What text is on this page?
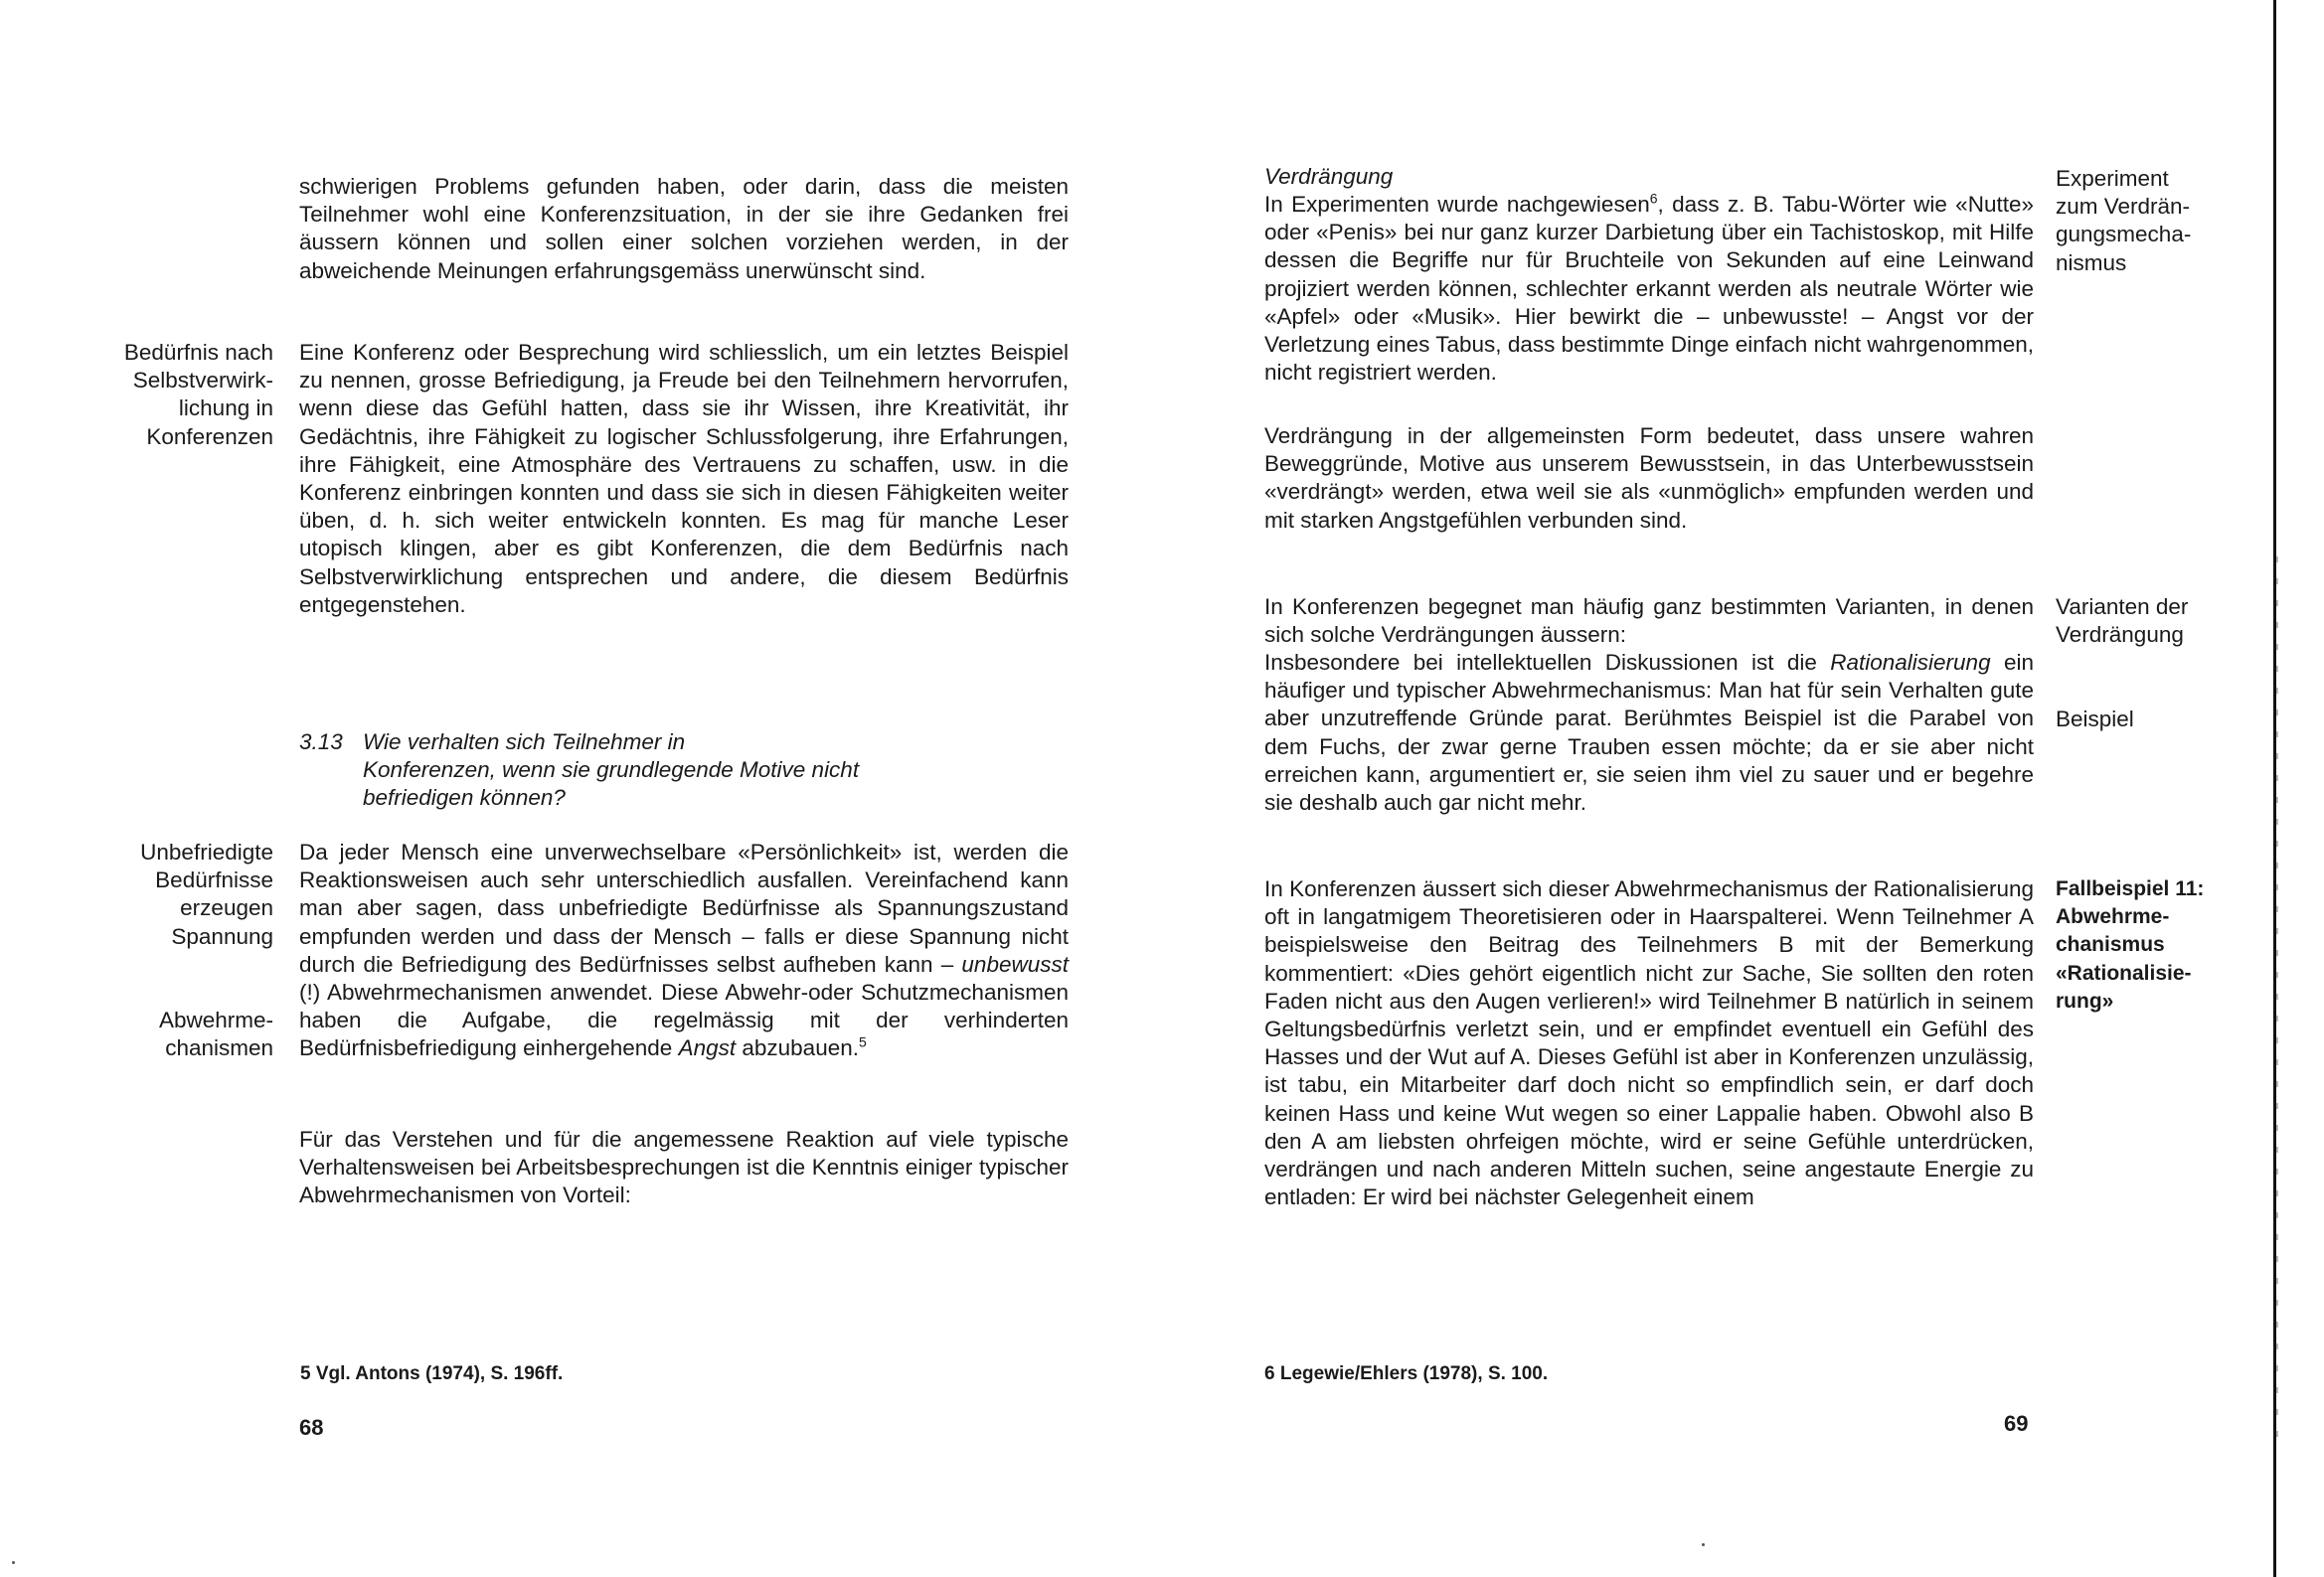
schwierigen Problems gefunden haben, oder darin, dass die meisten Teilnehmer wohl eine Konferenzsituation, in der sie ihre Gedanken frei äussern können und sollen einer solchen vorziehen werden, in der abweichende Meinungen erfahrungsgemäss unerwünscht sind.

Bedürfnis nach
Selbstverwirk-
lichung in
Konferenzen

Eine Konferenz oder Besprechung wird schliesslich, um ein letztes Beispiel zu nennen, grosse Befriedigung, ja Freude bei den Teilnehmern hervorrufen, wenn diese das Gefühl hatten, dass sie ihr Wissen, ihre Kreativität, ihr Gedächtnis, ihre Fähigkeit zu logischer Schlussfolgerung, ihre Erfahrungen, ihre Fähigkeit, eine Atmosphäre des Vertrauens zu schaffen, usw. in die Konferenz einbringen konnten und dass sie sich in diesen Fähigkeiten weiter üben, d. h. sich weiter entwickeln konnten. Es mag für manche Leser utopisch klingen, aber es gibt Konferenzen, die dem Bedürfnis nach Selbstverwirklichung entsprechen und andere, die diesem Bedürfnis entgegenstehen.

3.13 Wie verhalten sich Teilnehmer in
Konferenzen, wenn sie grundlegende Motive nicht befriedigen können?

Unbefriedigte
Bedürfnisse
erzeugen
Spannung

Abwehrme-
chanismen

Da jeder Mensch eine unverwechselbare «Persönlichkeit» ist, werden die Reaktionsweisen auch sehr unterschiedlich ausfallen. Vereinfachend kann man aber sagen, dass unbefriedigte Bedürfnisse als Spannungszustand empfunden werden und dass der Mensch – falls er diese Spannung nicht durch die Befriedigung des Bedürfnisses selbst aufheben kann – unbewusst (!) Abwehrmechanismen anwendet. Diese Abwehr-oder Schutzmechanismen haben die Aufgabe, die regelmässig mit der verhinderten Bedürfnisbefriedigung einhergehende Angst abzubauen.$^5$

Für das Verstehen und für die angemessene Reaktion auf viele typische Verhaltensweisen bei Arbeitsbesprechungen ist die Kenntnis einiger typischer Abwehrmechanismen von Vorteil:

5 Vgl. Antons (1974), S. 196ff.

68

Verdrängung

In Experimenten wurde nachgewiesen$^6$, dass z. B. Tabu-Wörter wie «Nutte» oder «Penis» bei nur ganz kurzer Darbietung über ein Tachistoskop, mit Hilfe dessen die Begriffe nur für Bruchteile von Sekunden auf eine Leinwand projiziert werden können, schlechter erkannt werden als neutrale Wörter wie «Apfel» oder «Musik». Hier bewirkt die – unbewusste! – Angst vor der Verletzung eines Tabus, dass bestimmte Dinge einfach nicht wahrgenommen, nicht registriert werden.

Verdrängung in der allgemeinsten Form bedeutet, dass unsere wahren Beweggründe, Motive aus unserem Bewusstsein, in das Unterbewusstsein «verdrängt» werden, etwa weil sie als «unmöglich» empfunden werden und mit starken Angstgefühlen verbunden sind.

Experiment
zum Verdrän-
gungsmecha-
nismus

In Konferenzen begegnet man häufig ganz bestimmten Varianten, in denen sich solche Verdrängungen äussern:

Insbesondere bei intellektuellen Diskussionen ist die Rationalisierung ein häufiger und typischer Abwehrmechanismus: Man hat für sein Verhalten gute aber unzutreffende Gründe parat. Berühmtes Beispiel ist die Parabel von dem Fuchs, der zwar gerne Trauben essen möchte; da er sie aber nicht erreichen kann, argumentiert er, sie seien ihm viel zu sauer und er begehre sie deshalb auch gar nicht mehr.

Varianten der
Verdrängung

Beispiel

In Konferenzen äussert sich dieser Abwehrmechanismus der Rationalisierung oft in langatmigem Theoretisieren oder in Haarspalterei. Wenn Teilnehmer A beispielsweise den Beitrag des Teilnehmers B mit der Bemerkung kommentiert: «Dies gehört eigentlich nicht zur Sache, Sie sollten den roten Faden nicht aus den Augen verlieren!» wird Teilnehmer B natürlich in seinem Geltungsbedürfnis verletzt sein, und er empfindet eventuell ein Gefühl des Hasses und der Wut auf A. Dieses Gefühl ist aber in Konferenzen unzulässig, ist tabu, ein Mitarbeiter darf doch nicht so empfindlich sein, er darf doch keinen Hass und keine Wut wegen so einer Lappalie haben. Obwohl also B den A am liebsten ohrfeigen möchte, wird er seine Gefühle unterdrücken, verdrängen und nach anderen Mitteln suchen, seine angestaute Energie zu entladen: Er wird bei nächster Gelegenheit einem

Fallbeispiel 11:
Abwehrme-
chanismus
«Rationalisie-
rung»

6 Legewie/Ehlers (1978), S. 100.

69
